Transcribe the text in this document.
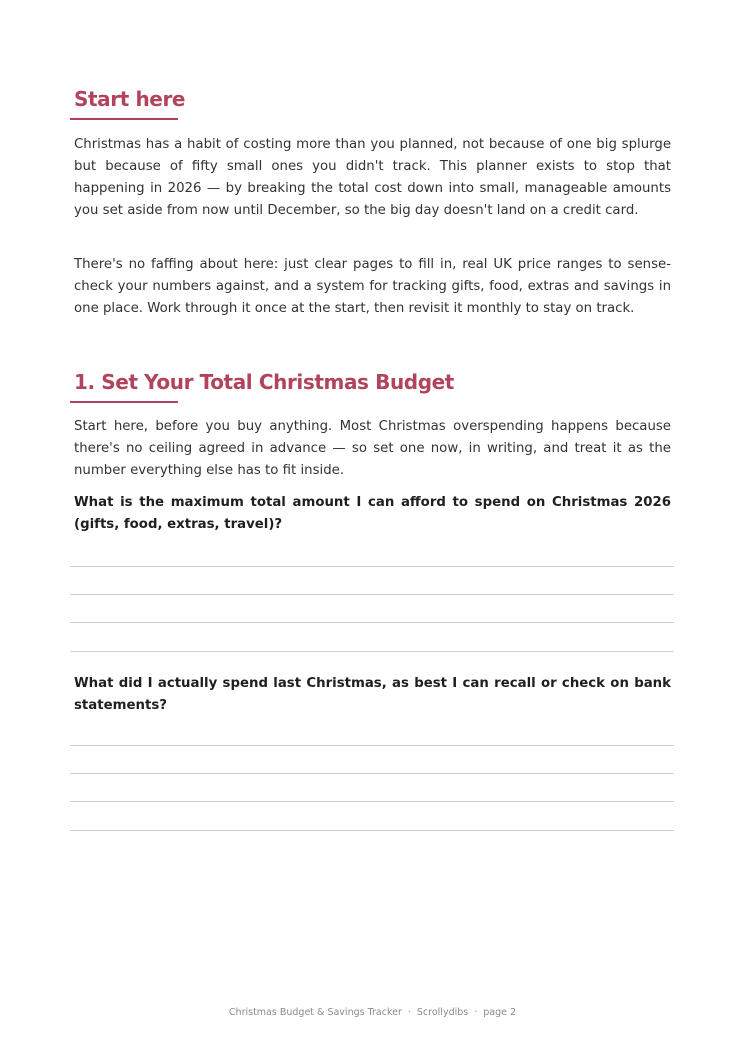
Start here

Christmas has a habit of costing more than you planned, not because of one big splurge but because of fifty small ones you didn't track. This planner exists to stop that happening in 2026 — by breaking the total cost down into small, manageable amounts you set aside from now until December, so the big day doesn't land on a credit card.

There's no faffing about here: just clear pages to fill in, real UK price ranges to sense-check your numbers against, and a system for tracking gifts, food, extras and savings in one place. Work through it once at the start, then revisit it monthly to stay on track.

1. Set Your Total Christmas Budget

Start here, before you buy anything. Most Christmas overspending happens because there's no ceiling agreed in advance — so set one now, in writing, and treat it as the number everything else has to fit inside.

What is the maximum total amount I can afford to spend on Christmas 2026 (gifts, food, extras, travel)?

What did I actually spend last Christmas, as best I can recall or check on bank statements?

Christmas Budget & Savings Tracker · Scrollydibs · page 2
